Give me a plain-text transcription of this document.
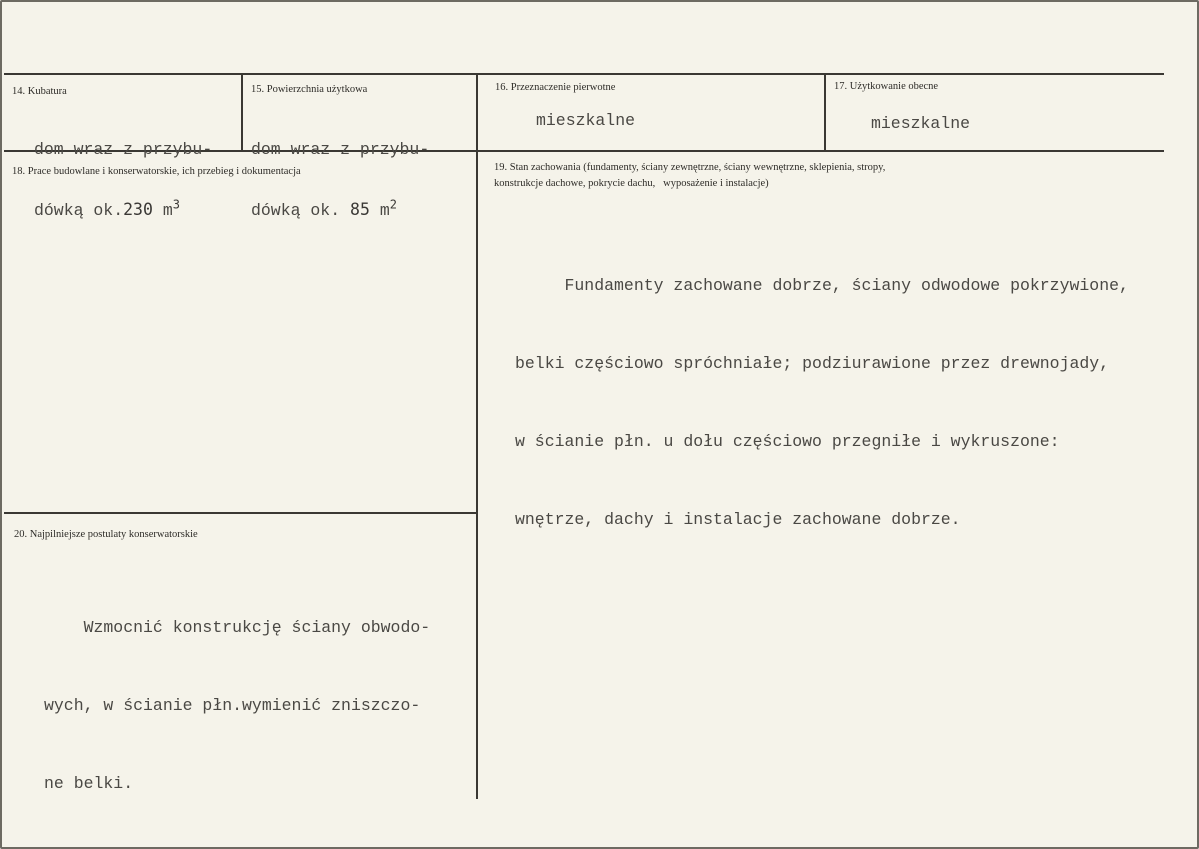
14. Kubatura

dom wraz z przybu-

dówką ok.230 $m^3$

15. Powierzchnia użytkowa

dom wraz z przybu-

dówką ok. 85 $m^2$

16. Przeznaczenie pierwotne
mieszkalne
17. Użytkowanie obecne
mieszkalne
18. Prace budowlane i konserwatorskie, ich przebieg i dokumentacja	19. Stan zachowania (fundamenty, ściany zewnętrzne, ściany wewnętrzne, sklepienia, stropy,
konstrukcje dachowe, pokrycie dachu,   wyposażenie i instalacje)

Fundamenty zachowane dobrze, ściany odwodowe pokrzywione,

belki częściowo spróchniałe; podziurawione przez drewnojady,

w ścianie płn. u dołu częściowo przegniłe i wykruszone:

wnętrze, dachy i instalacje zachowane dobrze.

20. Najpilniejsze postulaty konserwatorskie

Wzmocnić konstrukcję ściany obwodo-

wych, w ścianie płn.wymienić zniszczo-

ne belki.
